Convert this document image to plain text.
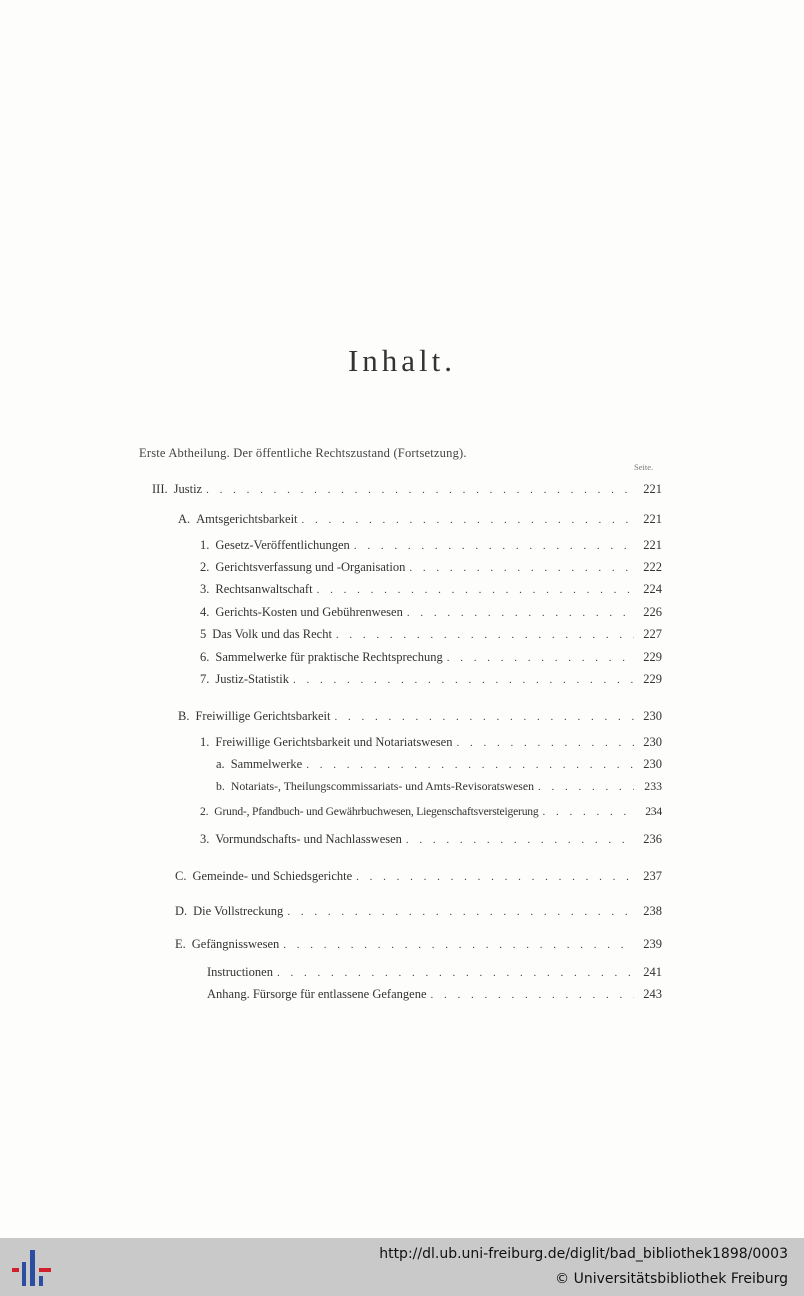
Inhalt.
Erste Abtheilung. Der öffentliche Rechtszustand (Fortsetzung).
Seite.
III. Justiz . . .	221
A. Amtsgerichtsbarkeit . . .	221
1. Gesetz-Veröffentlichungen . . .	221
2. Gerichtsverfassung und -Organisation . . .	222
3. Rechtsanwaltschaft . . .	224
4. Gerichts-Kosten und Gebührenwesen . . .	226
5 Das Volk und das Recht . . .	227
6. Sammelwerke für praktische Rechtsprechung . . .	229
7. Justiz-Statistik . . .	229
B. Freiwillige Gerichtsbarkeit . . .	230
1. Freiwillige Gerichtsbarkeit und Notariatswesen . . .	230
a. Sammelwerke . . .	230
b. Notariats-, Theilungscommissariats- und Amts-Revisoratswesen . . .	233
2. Grund-, Pfandbuch- und Gewährbuchwesen, Liegenschaftsversteigerung . . .	234
3. Vormundschafts- und Nachlasswesen . . .	236
C. Gemeinde- und Schiedsgerichte . . .	237
D. Die Vollstreckung . . .	238
E. Gefängnisswesen . . .	239
Instructionen . . .	241
Anhang. Fürsorge für entlassene Gefangene . . .	243
http://dl.ub.uni-freiburg.de/diglit/bad_bibliothek1898/0003
© Universitätsbibliothek Freiburg
